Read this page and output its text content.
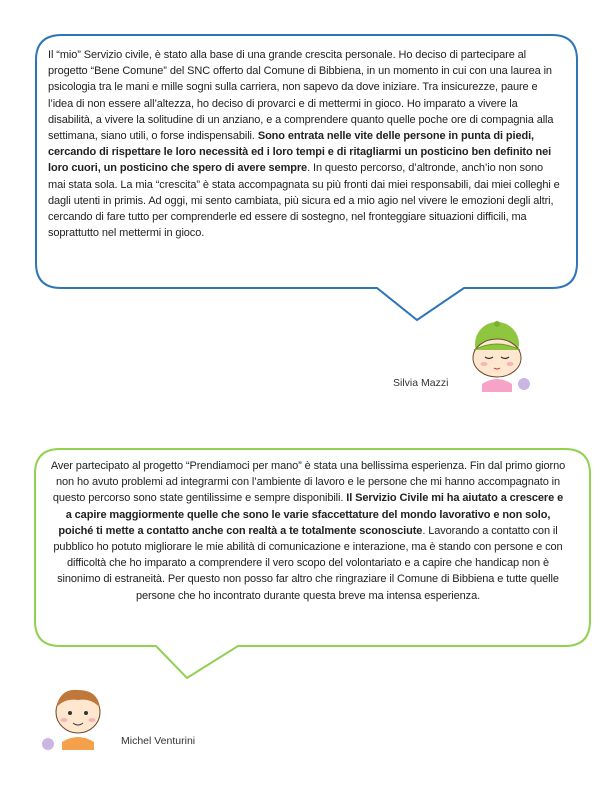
Il “mio” Servizio civile, è stato alla base di una grande crescita personale. Ho deciso di partecipare al progetto “Bene Comune” del SNC offerto dal Comune di Bibbiena, in un momento in cui con una laurea in psicologia tra le mani e mille sogni sulla carriera, non sapevo da dove iniziare. Tra insicurezze, paure e l’idea di non essere all’altezza, ho deciso di provarci e di mettermi in gioco. Ho imparato a vivere la disabilità, a vivere la solitudine di un anziano, e a comprendere quanto quelle poche ore di compagnia alla settimana, siano utili, o forse indispensabili. Sono entrata nelle vite delle persone in punta di piedi, cercando di rispettare le loro necessità ed i loro tempi e di ritagliarmi un posticino ben definito nei loro cuori, un posticino che spero di avere sempre. In questo percorso, d’altronde, anch’io non sono mai stata sola. La mia “crescita” è stata accompagnata su più fronti dai miei responsabili, dai miei colleghi e dagli utenti in primis. Ad oggi, mi sento cambiata, più sicura ed a mio agio nel vivere le emozioni degli altri, cercando di fare tutto per comprenderle ed essere di sostegno, nel fronteggiare situazioni difficili, ma soprattutto nel mettermi in gioco.
Aver partecipato al progetto “Prendiamoci per mano” è stata una bellissima esperienza. Fin dal primo giorno non ho avuto problemi ad integrarmi con l’ambiente di lavoro e le persone che mi hanno accompagnato in questo percorso sono state gentilissime e sempre disponibili. Il Servizio Civile mi ha aiutato a crescere e a capire maggiormente quelle che sono le varie sfaccettature del mondo lavorativo e non solo, poiché ti mette a contatto anche con realtà a te totalmente sconosciute. Lavorando a contatto con il pubblico ho potuto migliorare le mie abilità di comunicazione e interazione, ma è stando con persone e con difficoltà che ho imparato a comprendere il vero scopo del volontariato e a capire che handicap non è sinonimo di estraneità. Per questo non posso far altro che ringraziare il Comune di Bibbiena e tutte quelle persone che ho incontrato durante questa breve ma intensa esperienza.
Silvia Mazzi
Michel Venturini
